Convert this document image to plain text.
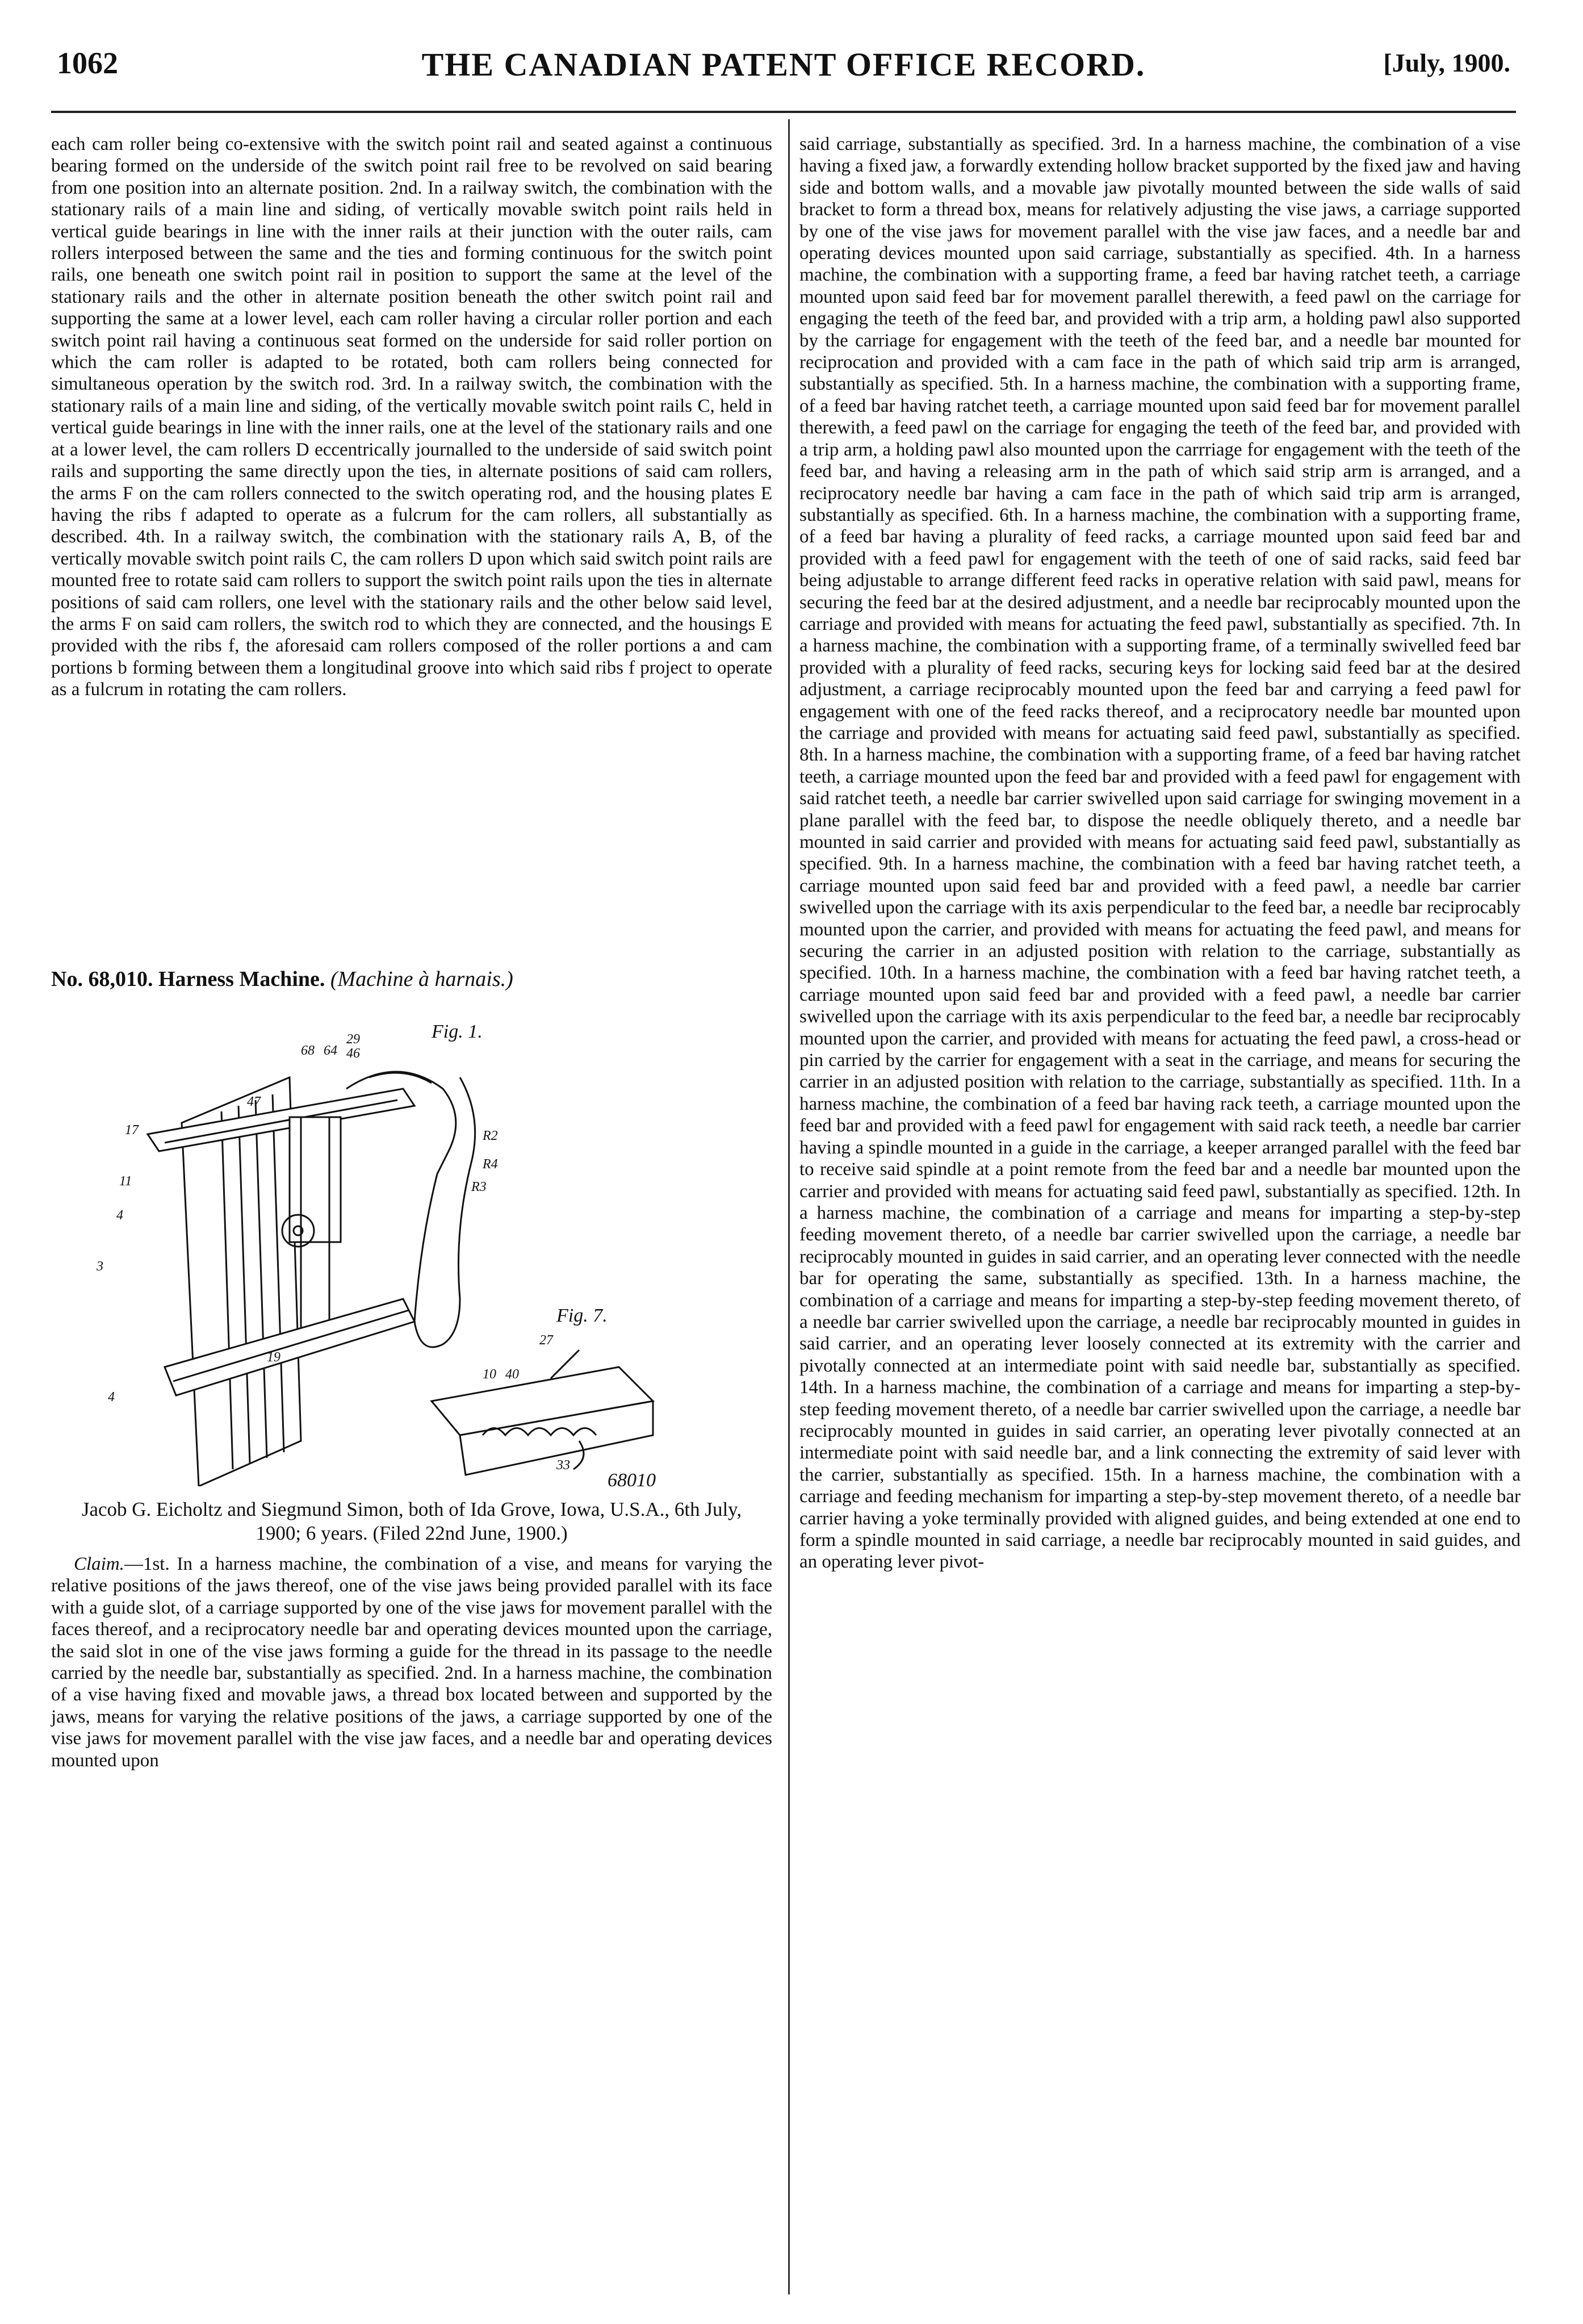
1062	THE CANADIAN PATENT OFFICE RECORD.	[July, 1900.

each cam roller being co-extensive with the switch point rail and seated against a continuous bearing formed on the underside of the switch point rail free to be revolved on said bearing from one position into an alternate position. 2nd. In a railway switch, the combination with the stationary rails of a main line and siding, of vertically movable switch point rails held in vertical guide bearings in line with the inner rails at their junction with the outer rails, cam rollers interposed between the same and the ties and forming continuous for the switch point rails, one beneath one switch point rail in position to support the same at the level of the stationary rails and the other in alternate position beneath the other switch point rail and supporting the same at a lower level, each cam roller having a circular roller portion and each switch point rail having a continuous seat formed on the underside for said roller portion on which the cam roller is adapted to be rotated, both cam rollers being connected for simultaneous operation by the switch rod. 3rd. In a railway switch, the combination with the stationary rails of a main line and siding, of the vertically movable switch point rails C, held in vertical guide bearings in line with the inner rails, one at the level of the stationary rails and one at a lower level, the cam rollers D eccentrically journalled to the underside of said switch point rails and supporting the same directly upon the ties, in alternate positions of said cam rollers, the arms F on the cam rollers connected to the switch operating rod, and the housing plates E having the ribs f adapted to operate as a fulcrum for the cam rollers, all substantially as described. 4th. In a railway switch, the combination with the stationary rails A, B, of the vertically movable switch point rails C, the cam rollers D upon which said switch point rails are mounted free to rotate said cam rollers to support the switch point rails upon the ties in alternate positions of said cam rollers, one level with the stationary rails and the other below said level, the arms F on said cam rollers, the switch rod to which they are connected, and the housings E provided with the ribs f, the aforesaid cam rollers composed of the roller portions a and cam portions b forming between them a longitudinal groove into which said ribs f project to operate as a fulcrum in rotating the cam rollers.

No. 68,010. Harness Machine. (Machine à harnais.)
Fig. 1.
Fig. 7.
68010
29
68 64 46
47
17
11
4
3
R4
R3
R2
27
4
19
10 40
33

Jacob G. Eicholtz and Siegmund Simon, both of Ida Grove, Iowa, U.S.A., 6th July, 1900; 6 years. (Filed 22nd June, 1900.)

Claim.—1st. In a harness machine, the combination of a vise, and means for varying the relative positions of the jaws thereof, one of the vise jaws being provided parallel with its face with a guide slot, of a carriage supported by one of the vise jaws for movement parallel with the faces thereof, and a reciprocatory needle bar and operating devices mounted upon the carriage, the said slot in one of the vise jaws forming a guide for the thread in its passage to the needle carried by the needle bar, substantially as specified. 2nd. In a harness machine, the combination of a vise having fixed and movable jaws, a thread box located between and supported by the jaws, means for varying the relative positions of the jaws, a carriage supported by one of the vise jaws for movement parallel with the vise jaw faces, and a needle bar and operating devices mounted upon

said carriage, substantially as specified. 3rd. In a harness machine, the combination of a vise having a fixed jaw, a forwardly extending hollow bracket supported by the fixed jaw and having side and bottom walls, and a movable jaw pivotally mounted between the side walls of said bracket to form a thread box, means for relatively adjusting the vise jaws, a carriage supported by one of the vise jaws for movement parallel with the vise jaw faces, and a needle bar and operating devices mounted upon said carriage, substantially as specified. 4th. In a harness machine, the combination with a supporting frame, a feed bar having ratchet teeth, a carriage mounted upon said feed bar for movement parallel therewith, a feed pawl on the carriage for engaging the teeth of the feed bar, and provided with a trip arm, a holding pawl also supported by the carriage for engagement with the teeth of the feed bar, and a needle bar mounted for reciprocation and provided with a cam face in the path of which said trip arm is arranged, substantially as specified. 5th. In a harness machine, the combination with a supporting frame, of a feed bar having ratchet teeth, a carriage mounted upon said feed bar for movement parallel therewith, a feed pawl on the carriage for engaging the teeth of the feed bar, and provided with a trip arm, a holding pawl also mounted upon the carrriage for engagement with the teeth of the feed bar, and having a releasing arm in the path of which said strip arm is arranged, and a reciprocatory needle bar having a cam face in the path of which said trip arm is arranged, substantially as specified. 6th. In a harness machine, the combination with a supporting frame, of a feed bar having a plurality of feed racks, a carriage mounted upon said feed bar and provided with a feed pawl for engagement with the teeth of one of said racks, said feed bar being adjustable to arrange different feed racks in operative relation with said pawl, means for securing the feed bar at the desired adjustment, and a needle bar reciprocably mounted upon the carriage and provided with means for actuating the feed pawl, substantially as specified. 7th. In a harness machine, the combination with a supporting frame, of a terminally swivelled feed bar provided with a plurality of feed racks, securing keys for locking said feed bar at the desired adjustment, a carriage reciprocably mounted upon the feed bar and carrying a feed pawl for engagement with one of the feed racks thereof, and a reciprocatory needle bar mounted upon the carriage and provided with means for actuating said feed pawl, substantially as specified. 8th. In a harness machine, the combination with a supporting frame, of a feed bar having ratchet teeth, a carriage mounted upon the feed bar and provided with a feed pawl for engagement with said ratchet teeth, a needle bar carrier swivelled upon said carriage for swinging movement in a plane parallel with the feed bar, to dispose the needle obliquely thereto, and a needle bar mounted in said carrier and provided with means for actuating said feed pawl, substantially as specified. 9th. In a harness machine, the combination with a feed bar having ratchet teeth, a carriage mounted upon said feed bar and provided with a feed pawl, a needle bar carrier swivelled upon the carriage with its axis perpendicular to the feed bar, a needle bar reciprocably mounted upon the carrier, and provided with means for actuating the feed pawl, and means for securing the carrier in an adjusted position with relation to the carriage, substantially as specified. 10th. In a harness machine, the combination with a feed bar having ratchet teeth, a carriage mounted upon said feed bar and provided with a feed pawl, a needle bar carrier swivelled upon the carriage with its axis perpendicular to the feed bar, a needle bar reciprocably mounted upon the carrier, and provided with means for actuating the feed pawl, a cross-head or pin carried by the carrier for engagement with a seat in the carriage, and means for securing the carrier in an adjusted position with relation to the carriage, substantially as specified. 11th. In a harness machine, the combination of a feed bar having rack teeth, a carriage mounted upon the feed bar and provided with a feed pawl for engagement with said rack teeth, a needle bar carrier having a spindle mounted in a guide in the carriage, a keeper arranged parallel with the feed bar to receive said spindle at a point remote from the feed bar and a needle bar mounted upon the carrier and provided with means for actuating said feed pawl, substantially as specified. 12th. In a harness machine, the combination of a carriage and means for imparting a step-by-step feeding movement thereto, of a needle bar carrier swivelled upon the carriage, a needle bar reciprocably mounted in guides in said carrier, and an operating lever connected with the needle bar for operating the same, substantially as specified. 13th. In a harness machine, the combination of a carriage and means for imparting a step-by-step feeding movement thereto, of a needle bar carrier swivelled upon the carriage, a needle bar reciprocably mounted in guides in said carrier, and an operating lever loosely connected at its extremity with the carrier and pivotally connected at an intermediate point with said needle bar, substantially as specified. 14th. In a harness machine, the combination of a carriage and means for imparting a step-by-step feeding movement thereto, of a needle bar carrier swivelled upon the carriage, a needle bar reciprocably mounted in guides in said carrier, an operating lever pivotally connected at an intermediate point with said needle bar, and a link connecting the extremity of said lever with the carrier, substantially as specified. 15th. In a harness machine, the combination with a carriage and feeding mechanism for imparting a step-by-step movement thereto, of a needle bar carrier having a yoke terminally provided with aligned guides, and being extended at one end to form a spindle mounted in said carriage, a needle bar reciprocably mounted in said guides, and an operating lever pivot-
